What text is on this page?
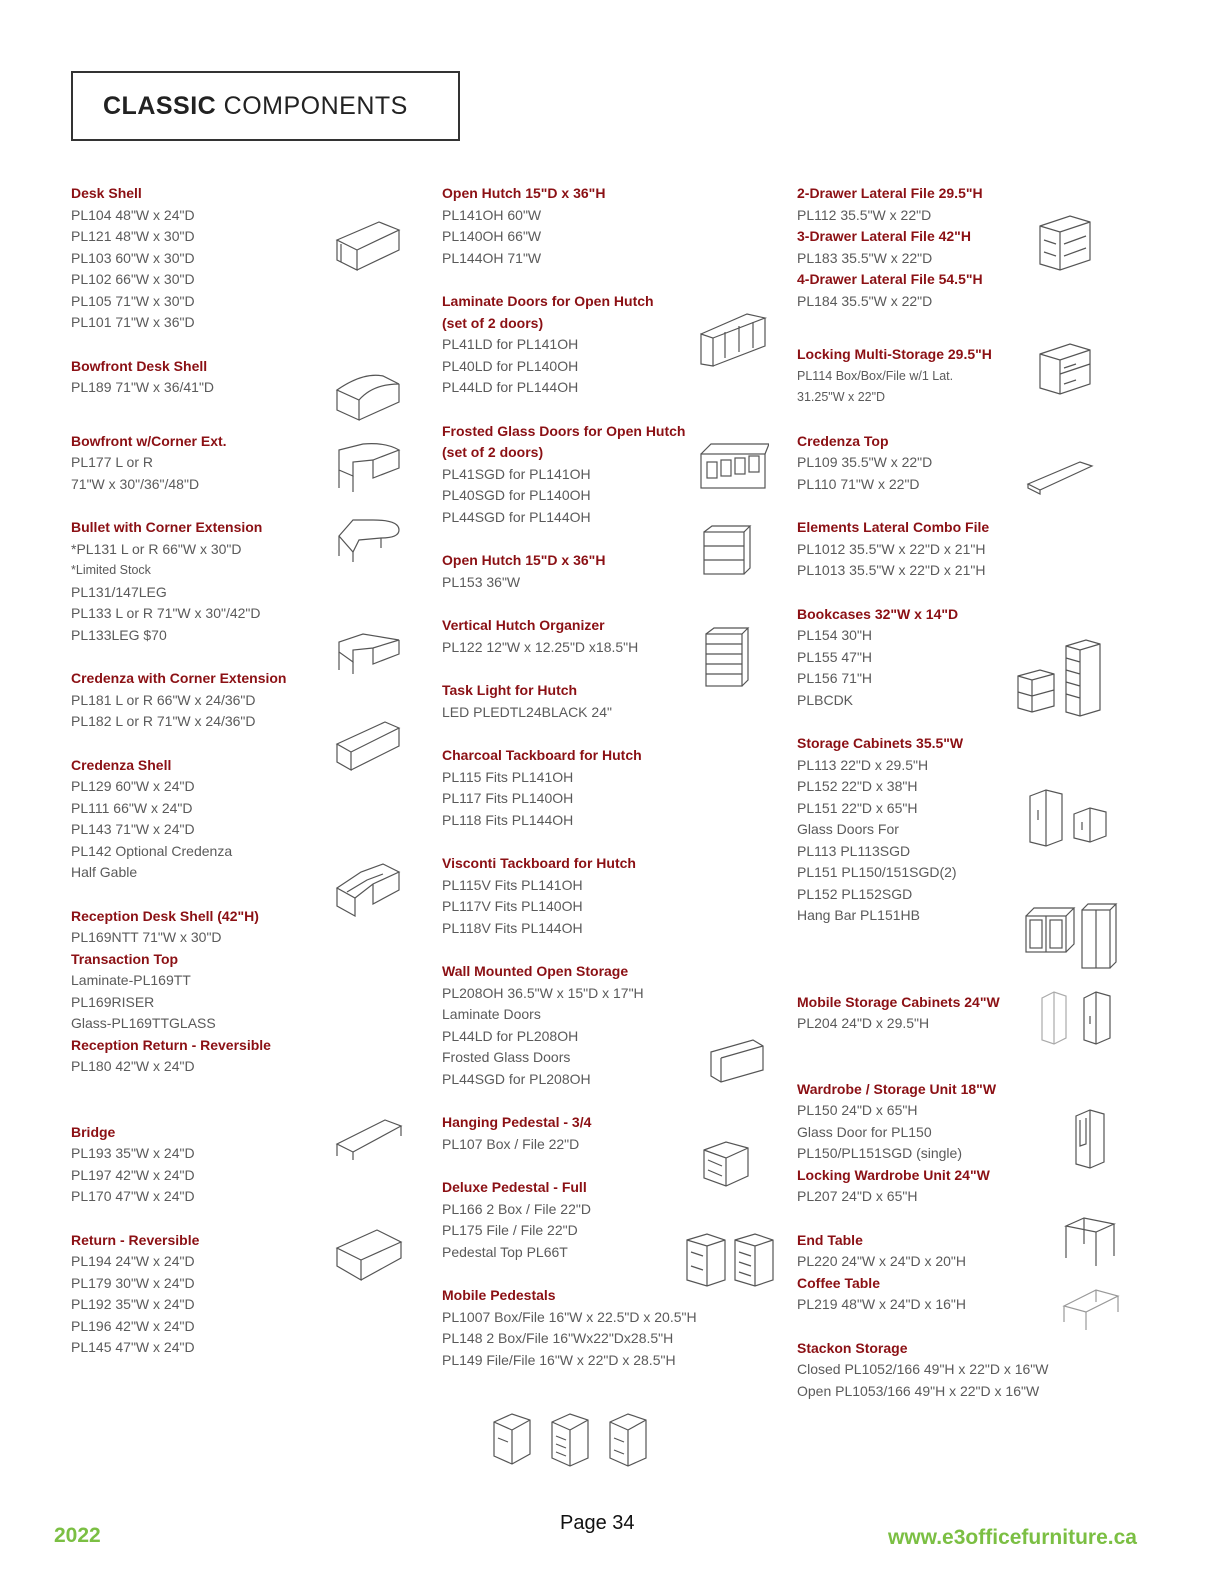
CLASSIC COMPONENTS
Desk Shell
PL104 48"W x 24"D
PL121 48"W x 30"D
PL103 60"W x 30"D
PL102 66"W x 30"D
PL105 71"W x 30"D
PL101 71"W x 36"D
Bowfront Desk Shell
PL189 71"W x 36/41"D
Bowfront w/Corner Ext.
PL177 L or R
71"W x 30"/36"/48"D
Bullet with Corner Extension
*PL131 L or R 66"W x 30"D
*Limited Stock
PL131/147LEG
PL133 L or R 71"W x 30"/42"D
PL133LEG $70
Credenza with Corner Extension
PL181 L or R 66"W x 24/36"D
PL182 L or R 71"W x 24/36"D
Credenza Shell
PL129 60"W x 24"D
PL111 66"W x 24"D
PL143 71"W x 24"D
PL142 Optional Credenza
Half Gable
Reception Desk Shell (42"H)
PL169NTT 71"W x 30"D
Transaction Top
Laminate-PL169TT
PL169RISER
Glass-PL169TTGLASS
Reception Return - Reversible
PL180 42"W x 24"D
Bridge
PL193 35"W x 24"D
PL197 42"W x 24"D
PL170 47"W x 24"D
Return - Reversible
PL194 24"W x 24"D
PL179 30"W x 24"D
PL192 35"W x 24"D
PL196 42"W x 24"D
PL145 47"W x 24"D
Open Hutch 15"D x 36"H
PL141OH 60"W
PL140OH 66"W
PL144OH 71"W
Laminate Doors for Open Hutch
(set of 2 doors)
PL41LD for PL141OH
PL40LD for PL140OH
PL44LD for PL144OH
Frosted Glass Doors for Open Hutch
(set of 2 doors)
PL41SGD for PL141OH
PL40SGD for PL140OH
PL44SGD for PL144OH
Open Hutch 15"D x 36"H
PL153 36"W
Vertical Hutch Organizer
PL122 12"W x 12.25"D x18.5"H
Task Light for Hutch
LED PLEDTL24BLACK 24"
Charcoal Tackboard for Hutch
PL115 Fits PL141OH
PL117 Fits PL140OH
PL118 Fits PL144OH
Visconti Tackboard for Hutch
PL115V Fits PL141OH
PL117V Fits PL140OH
PL118V Fits PL144OH
Wall Mounted Open Storage
PL208OH 36.5"W x 15"D x 17"H
Laminate Doors
PL44LD for PL208OH
Frosted Glass Doors
PL44SGD for PL208OH
Hanging Pedestal - 3/4
PL107 Box / File 22"D
Deluxe Pedestal - Full
PL166 2 Box / File 22"D
PL175 File / File 22"D
Pedestal Top PL66T
Mobile Pedestals
PL1007 Box/File 16"W x 22.5"D x 20.5"H
PL148 2 Box/File 16"Wx22"Dx28.5"H
PL149 File/File 16"W x 22"D x 28.5"H
2-Drawer Lateral File 29.5"H
PL112 35.5"W x 22"D
3-Drawer Lateral File 42"H
PL183 35.5"W x 22"D
4-Drawer Lateral File 54.5"H
PL184 35.5"W x 22"D
Locking Multi-Storage 29.5"H
PL114 Box/Box/File w/1 Lat.
31.25"W x 22"D
Credenza Top
PL109 35.5"W x 22"D
PL110 71"W x 22"D
Elements Lateral Combo File
PL1012 35.5"W x 22"D x 21"H
PL1013 35.5"W x 22"D x 21"H
Bookcases 32"W x 14"D
PL154 30"H
PL155 47"H
PL156 71"H
PLBCDK
Storage Cabinets 35.5"W
PL113 22"D x 29.5"H
PL152 22"D x 38"H
PL151 22"D x 65"H
Glass Doors For
PL113 PL113SGD
PL151 PL150/151SGD(2)
PL152 PL152SGD
Hang Bar PL151HB
Mobile Storage Cabinets 24"W
PL204 24"D x 29.5"H
Wardrobe / Storage Unit 18"W
PL150 24"D x 65"H
Glass Door for PL150
PL150/PL151SGD (single)
Locking Wardrobe Unit 24"W
PL207 24"D x 65"H
End Table
PL220 24"W x 24"D x 20"H
Coffee Table
PL219 48"W x 24"D x 16"H
Stackon Storage
Closed PL1052/166 49"H x 22"D x 16"W
Open PL1053/166 49"H x 22"D x 16"W
2022
Page 34
www.e3officefurniture.ca
